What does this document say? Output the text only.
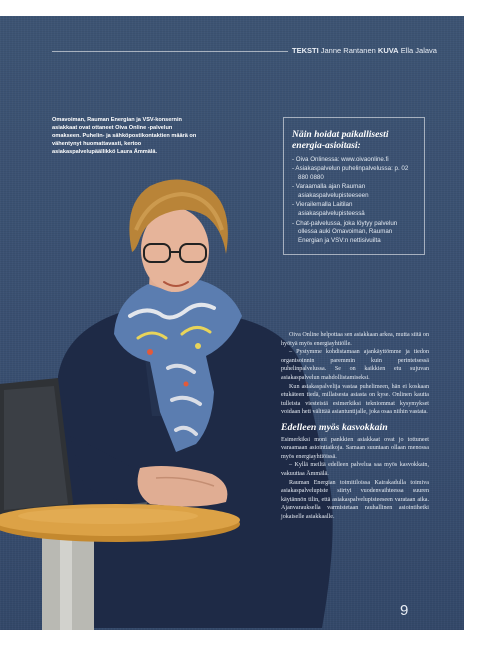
TEKSTI Janne Rantanen KUVA Ella Jalava
Omavoiman, Rauman Energian ja VSV-konsernin asiakkaat ovat ottaneet Oiva Online -palvelun omakseen. Puhelin- ja sähköpostikontaktien määrä on vähentynyt huomattavasti, kertoo asiakaspalvelupäällikkö Laura Ämmälä.
Näin hoidat paikallisesti energia-asioitasi:
- Oiva Onlinessa: www.oivaonline.fi
- Asiakaspalvelun puhelinpalvelussa: p. 02 880 0880
- Varaamalla ajan Rauman asiakaspalvelupisteeseen
- Vierailemalla Laitilan asiakaspalvelupisteessä
- Chat-palvelussa, joka löytyy palvelun ollessa auki Omavoiman, Rauman Energian ja VSV:n nettisivuilta

Oiva Online helpottaa sen asiakkaan arkea, mutta siitä on hyötyä myös energiayhtiölle.

– Pystymme kohdistamaan ajankäyttömme ja tiedon organisoinnin paremmin kuin perinteisessä puhelinpalvelussa. Se on kaikkien etu sujuvan asiakaspalvelun mahdollistamiseksi.

Kun asiakaspalvelija vastaa puhelimeen, hän ei koskaan etukäteen tiedä, millaisesta asiasta on kyse. Onlinen kautta tulleista viesteistä esimerkiksi tekniommat kysymykset voidaan heti välittää asiantuntijalle, joka osaa niihin vastata.

Edelleen myös kasvokkain

Esimerkiksi moni pankkien asiakkaat ovat jo tottuneet varaamaan asiointiaikoja. Samaan suuntaan ollaan menossa myös energiayhtiöissä.

– Kyllä meiltä edelleen palvelua saa myös kasvokkain, vakuuttaa Ämmälä.

Rauman Energian toimitiloissa Kairakadulla toimiva asiakaspalvelupiste siirtyi vuodenvaihteessa suuren käytännön tilin, että asiakaspalvelupisteeseen varataan aika. Ajanvarauksella varmistetaan rauhallinen asiointihetki jokaiselle asiakkaalle.

9
